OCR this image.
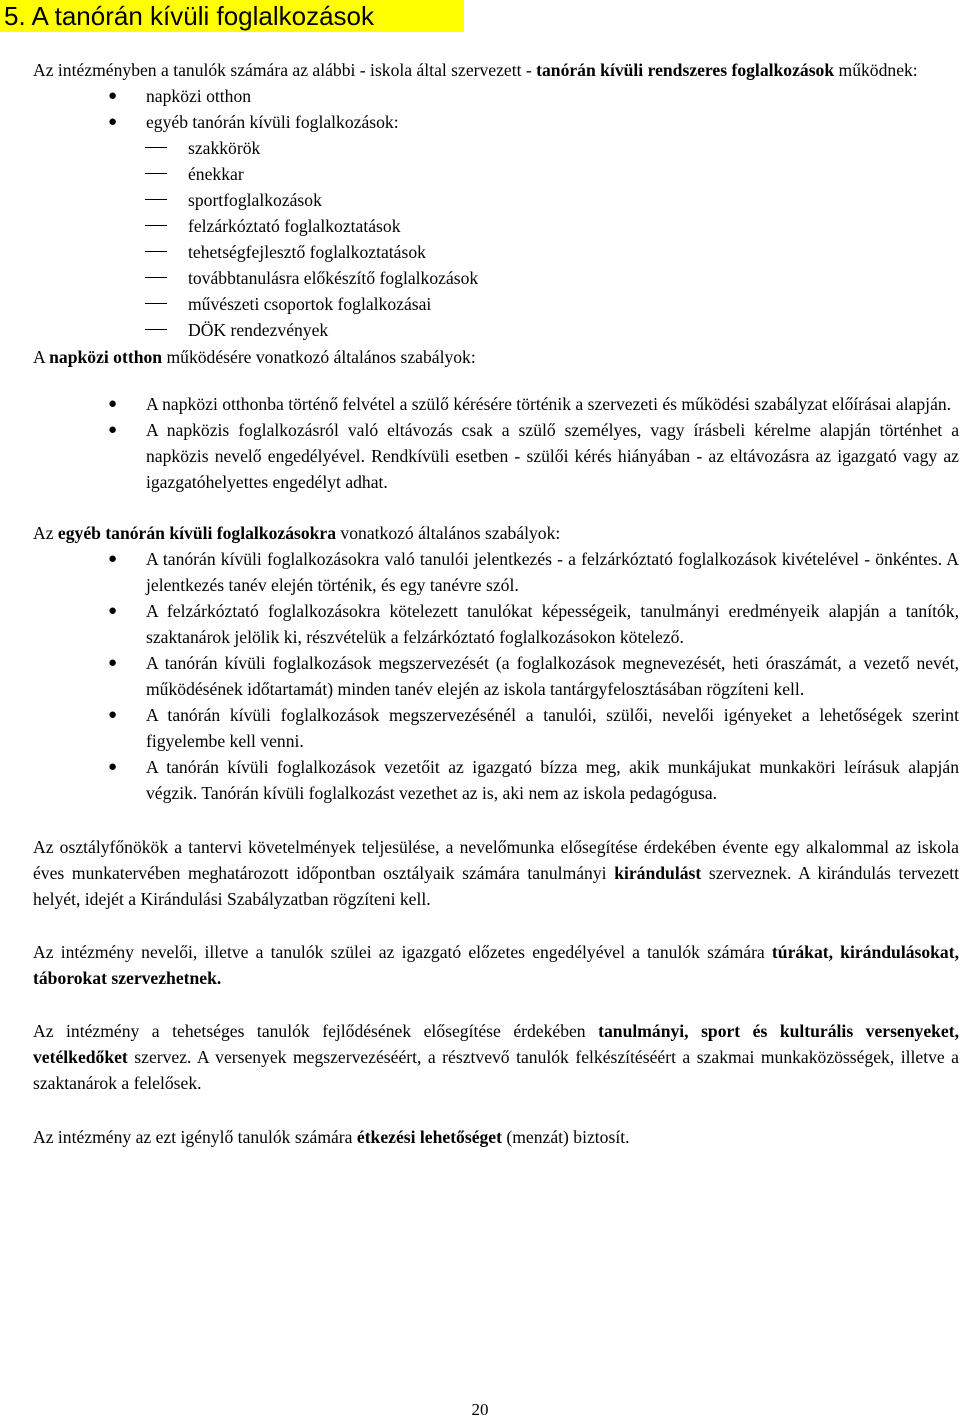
5. A tanórán kívüli foglalkozások

Az intézményben a tanulók számára az alábbi - iskola által szervezett - tanórán kívüli rendszeres foglalkozások működnek:

● napközi otthon
● egyéb tanórán kívüli foglalkozások:
szakkörök
énekkar
sportfoglalkozások
felzárkóztató foglalkoztatások
tehetségfejlesztő foglalkoztatások
továbbtanulásra előkészítő foglalkozások
művészeti csoportok foglalkozásai
DÖK rendezvények

A napközi otthon működésére vonatkozó általános szabályok:

● A napközi otthonba történő felvétel a szülő kérésére történik a szervezeti és működési szabályzat előírásai alapján.
● A napközis foglalkozásról való eltávozás csak a szülő személyes, vagy írásbeli kérelme alapján történhet a napközis nevelő engedélyével. Rendkívüli esetben - szülői kérés hiányában - az eltávozásra az igazgató vagy az igazgatóhelyettes engedélyt adhat.

Az egyéb tanórán kívüli foglalkozásokra vonatkozó általános szabályok:

● A tanórán kívüli foglalkozásokra való tanulói jelentkezés - a felzárkóztató foglalkozások kivételével - önkéntes. A jelentkezés tanév elején történik, és egy tanévre szól.
● A felzárkóztató foglalkozásokra kötelezett tanulókat képességeik, tanulmányi eredményeik alapján a tanítók, szaktanárok jelölik ki, részvételük a felzárkóztató foglalkozásokon kötelező.
● A tanórán kívüli foglalkozások megszervezését (a foglalkozások megnevezését, heti óraszámát, a vezető nevét, működésének időtartamát) minden tanév elején az iskola tantárgyfelosztásában rögzíteni kell.
● A tanórán kívüli foglalkozások megszervezésénél a tanulói, szülői, nevelői igényeket a lehetőségek szerint figyelembe kell venni.
● A tanórán kívüli foglalkozások vezetőit az igazgató bízza meg, akik munkájukat munkaköri leírásuk alapján végzik. Tanórán kívüli foglalkozást vezethet az is, aki nem az iskola pedagógusa.

Az osztályfőnökök a tantervi követelmények teljesülése, a nevelőmunka elősegítése érdekében évente egy alkalommal az iskola éves munkatervében meghatározott időpontban osztályaik számára tanulmányi kirándulást szerveznek. A kirándulás tervezett helyét, idejét a Kirándulási Szabályzatban rögzíteni kell.

Az intézmény nevelői, illetve a tanulók szülei az igazgató előzetes engedélyével a tanulók számára túrákat, kirándulásokat, táborokat szervezhetnek.

Az intézmény a tehetséges tanulók fejlődésének elősegítése érdekében tanulmányi, sport és kulturális versenyeket, vetélkedőket szervez. A versenyek megszervezéséért, a résztvevő tanulók felkészítéséért a szakmai munkaközösségek, illetve a szaktanárok a felelősek.

Az intézmény az ezt igénylő tanulók számára étkezési lehetőséget (menzát) biztosít.

20
